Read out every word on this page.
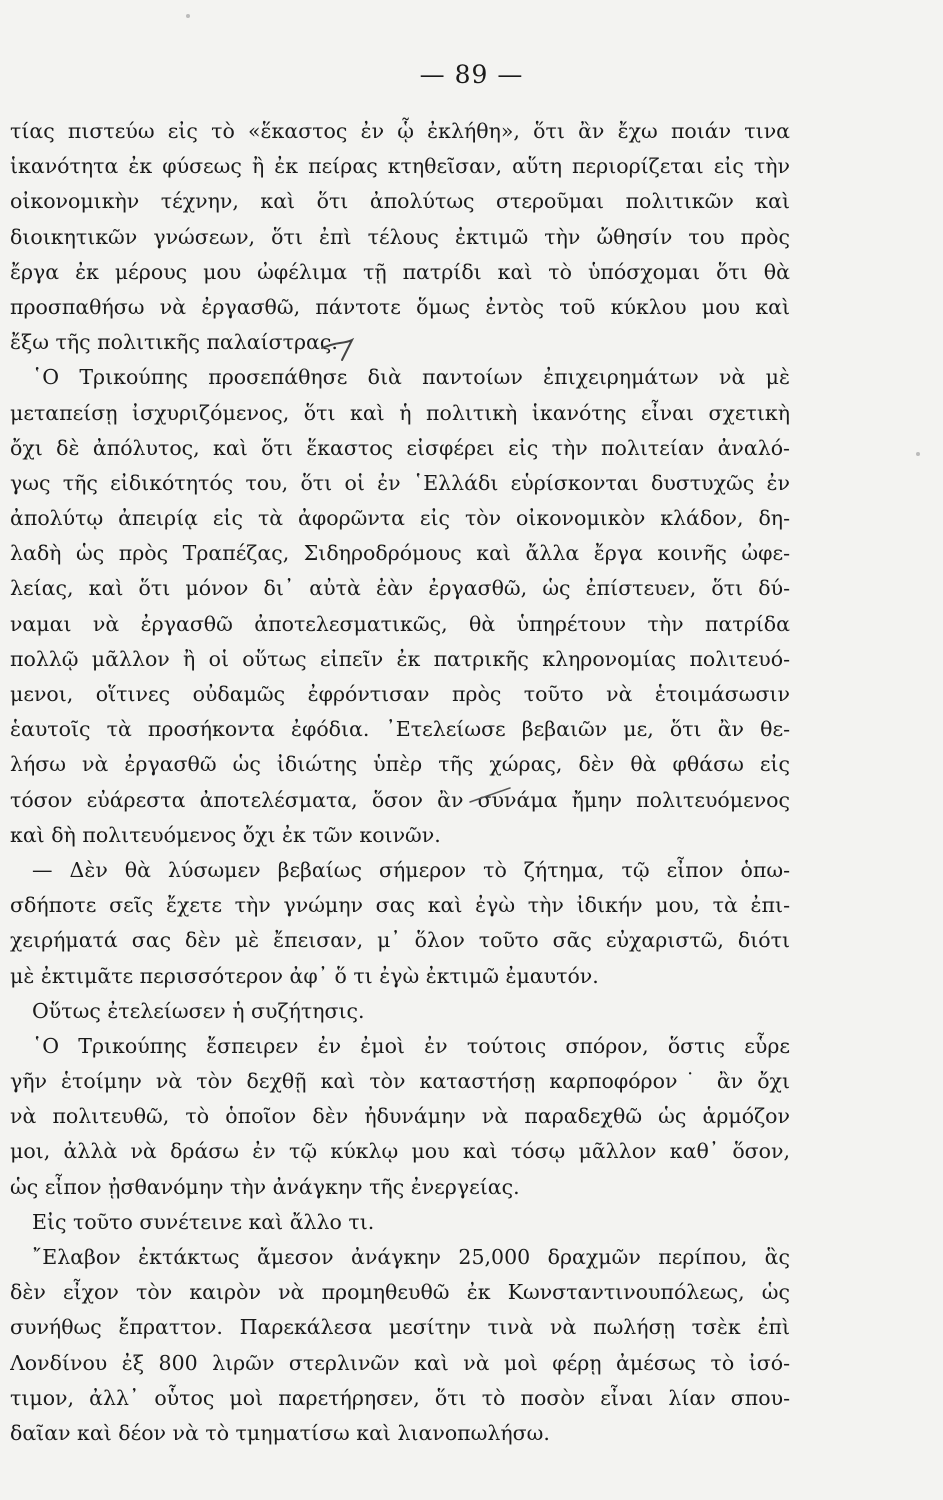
— 89 —
τίας πιστεύω εἰς τὸ «ἕκαστος ἐν ᾧ ἐκλήθη», ὅτι ἂν ἔχω ποιάν τινα
ἱκανότητα ἐκ φύσεως ἢ ἐκ πείρας κτηθεῖσαν, αὕτη περιορίζεται εἰς τὴν
οἰκονομικὴν τέχνην, καὶ ὅτι ἀπολύτως στεροῦμαι πολιτικῶν καὶ
διοικητικῶν γνώσεων, ὅτι ἐπὶ τέλους ἐκτιμῶ τὴν ὤθησίν του πρὸς
ἔργα ἐκ μέρους μου ὠφέλιμα τῇ πατρίδι καὶ τὸ ὑπόσχομαι ὅτι θὰ
προσπαθήσω νὰ ἐργασθῶ, πάντοτε ὅμως ἐντὸς τοῦ κύκλου μου καὶ
ἔξω τῆς πολιτικῆς παλαίστρας.
῾Ο Τρικούπης προσεπάθησε διὰ παντοίων ἐπιχειρημάτων νὰ μὲ
μεταπείσῃ ἰσχυριζόμενος, ὅτι καὶ ἡ πολιτικὴ ἱκανότης εἶναι σχετικὴ
ὄχι δὲ ἀπόλυτος, καὶ ὅτι ἕκαστος εἰσφέρει εἰς τὴν πολιτείαν ἀναλό-
γως τῆς εἰδικότητός του, ὅτι οἱ ἐν ῾Ελλάδι εὑρίσκονται δυστυχῶς ἐν
ἀπολύτῳ ἀπειρίᾳ εἰς τὰ ἀφορῶντα εἰς τὸν οἰκονομικὸν κλάδον, δη-
λαδὴ ὡς πρὸς Τραπέζας, Σιδηροδρόμους καὶ ἄλλα ἔργα κοινῆς ὠφε-
λείας, καὶ ὅτι μόνον δι᾽ αὐτὰ ἐὰν ἐργασθῶ, ὡς ἐπίστευεν, ὅτι δύ-
ναμαι νὰ ἐργασθῶ ἀποτελεσματικῶς, θὰ ὑπηρέτουν τὴν πατρίδα
πολλῷ μᾶλλον ἢ οἱ οὕτως εἰπεῖν ἐκ πατρικῆς κληρονομίας πολιτευό-
μενοι, οἵτινες οὐδαμῶς ἐφρόντισαν πρὸς τοῦτο νὰ ἑτοιμάσωσιν
ἑαυτοῖς τὰ προσήκοντα ἐφόδια. ᾽Ετελείωσε βεβαιῶν με, ὅτι ἂν θε-
λήσω νὰ ἐργασθῶ ὡς ἰδιώτης ὑπὲρ τῆς χώρας, δὲν θὰ φθάσω εἰς
τόσον εὐάρεστα ἀποτελέσματα, ὅσον ἂν συνάμα ἤμην πολιτευόμενος
καὶ δὴ πολιτευόμενος ὄχι ἐκ τῶν κοινῶν.
— Δὲν θὰ λύσωμεν βεβαίως σήμερον τὸ ζήτημα, τῷ εἶπον ὁπω-
σδήποτε σεῖς ἔχετε τὴν γνώμην σας καὶ ἐγὼ τὴν ἰδικήν μου, τὰ ἐπι-
χειρήματά σας δὲν μὲ ἔπεισαν, μ᾽ ὅλον τοῦτο σᾶς εὐχαριστῶ, διότι
μὲ ἐκτιμᾶτε περισσότερον ἀφ᾽ ὅ τι ἐγὼ ἐκτιμῶ ἐμαυτόν.
Οὕτως ἐτελείωσεν ἡ συζήτησις.
῾Ο Τρικούπης ἔσπειρεν ἐν ἐμοὶ ἐν τούτοις σπόρον, ὅστις εὗρε
γῆν ἑτοίμην νὰ τὸν δεχθῇ καὶ τὸν καταστήσῃ καρποφόρον˙ ἂν ὄχι
νὰ πολιτευθῶ, τὸ ὁποῖον δὲν ἠδυνάμην νὰ παραδεχθῶ ὡς ἁρμόζον
μοι, ἀλλὰ νὰ δράσω ἐν τῷ κύκλῳ μου καὶ τόσῳ μᾶλλον καθ᾽ ὅσον,
ὡς εἶπον ᾐσθανόμην τὴν ἀνάγκην τῆς ἐνεργείας.
Εἰς τοῦτο συνέτεινε καὶ ἄλλο τι.
῎Ελαβον ἐκτάκτως ἄμεσον ἀνάγκην 25,000 δραχμῶν περίπου, ἃς
δὲν εἶχον τὸν καιρὸν νὰ προμηθευθῶ ἐκ Κωνσταντινουπόλεως, ὡς
συνήθως ἔπραττον. Παρεκάλεσα μεσίτην τινὰ νὰ πωλήσῃ τσὲκ ἐπὶ
Λονδίνου ἐξ 800 λιρῶν στερλινῶν καὶ νὰ μοὶ φέρῃ ἀμέσως τὸ ἰσό-
τιμον, ἀλλ᾽ οὗτος μοὶ παρετήρησεν, ὅτι τὸ ποσὸν εἶναι λίαν σπου-
δαῖαν καὶ δέον νὰ τὸ τμηματίσω καὶ λιανοπωλήσω.
